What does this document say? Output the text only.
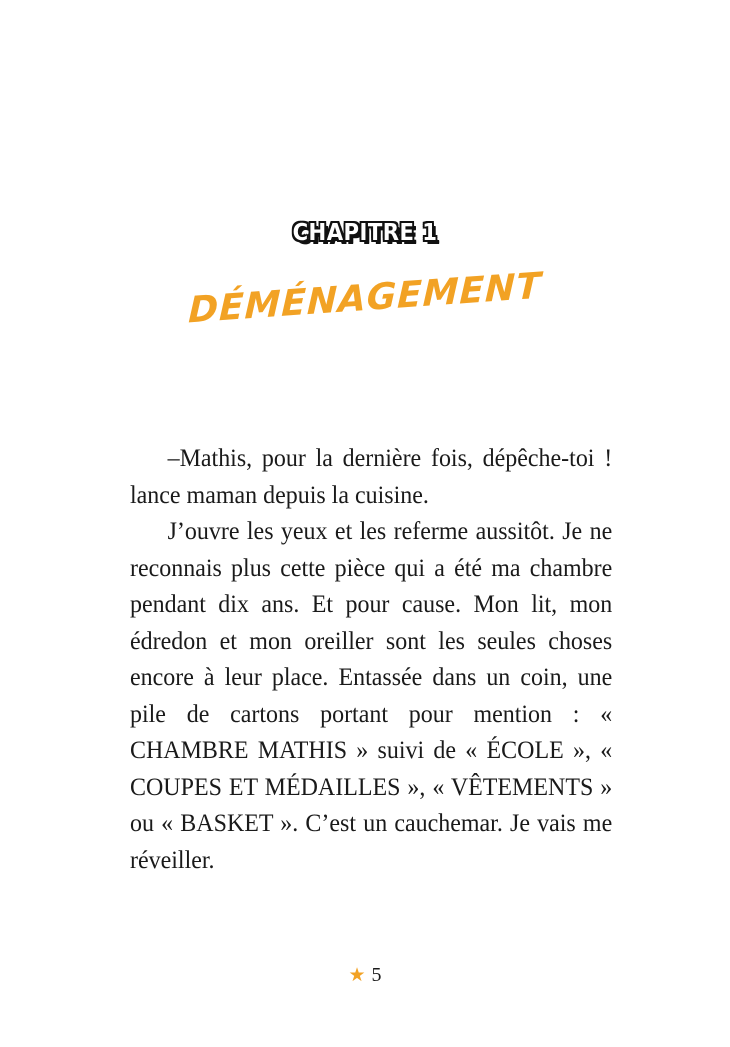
CHAPITRE 1
DÉMÉNAGEMENT

–Mathis, pour la dernière fois, dépêche-toi ! lance maman depuis la cuisine.

J’ouvre les yeux et les referme aussitôt. Je ne reconnais plus cette pièce qui a été ma chambre pendant dix ans. Et pour cause. Mon lit, mon édredon et mon oreiller sont les seules choses encore à leur place. Entassée dans un coin, une pile de cartons portant pour mention : « CHAMBRE MATHIS » suivi de « ÉCOLE », « COUPES ET MÉDAILLES », « VÊTEMENTS » ou « BASKET ». C’est un cauchemar. Je vais me réveiller.

★ 5
